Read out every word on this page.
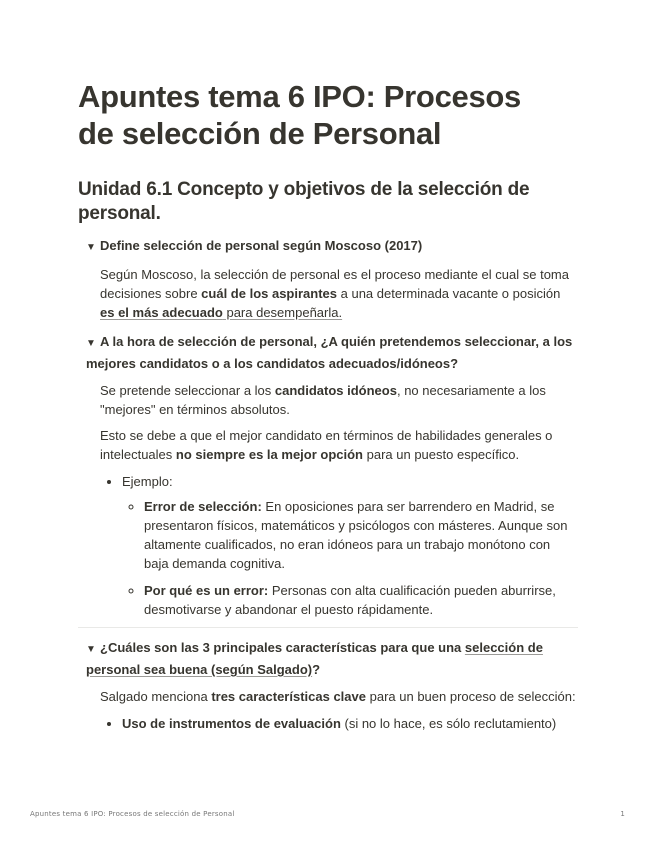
Apuntes tema 6 IPO: Procesos
de selección de Personal
Unidad 6.1 Concepto y objetivos de la selección de personal.
▼ Define selección de personal según Moscoso (2017)

Según Moscoso, la selección de personal es el proceso mediante el cual se toma decisiones sobre cuál de los aspirantes a una determinada vacante o posición es el más adecuado para desempeñarla.

▼ A la hora de selección de personal, ¿A quién pretendemos seleccionar, a los mejores candidatos o a los candidatos adecuados/idóneos?

Se pretende seleccionar a los candidatos idóneos, no necesariamente a los "mejores" en términos absolutos.

Esto se debe a que el mejor candidato en términos de habilidades generales o intelectuales no siempre es la mejor opción para un puesto específico.

• Ejemplo:
◦ Error de selección: En oposiciones para ser barrendero en Madrid, se presentaron físicos, matemáticos y psicólogos con másteres. Aunque son altamente cualificados, no eran idóneos para un trabajo monótono con baja demanda cognitiva.
◦ Por qué es un error: Personas con alta cualificación pueden aburrirse, desmotivarse y abandonar el puesto rápidamente.
▼ ¿Cuáles son las 3 principales características para que una selección de personal sea buena (según Salgado)?

Salgado menciona tres características clave para un buen proceso de selección:

• Uso de instrumentos de evaluación (si no lo hace, es sólo reclutamiento)
Apuntes tema 6 IPO: Procesos de selección de Personal	1
